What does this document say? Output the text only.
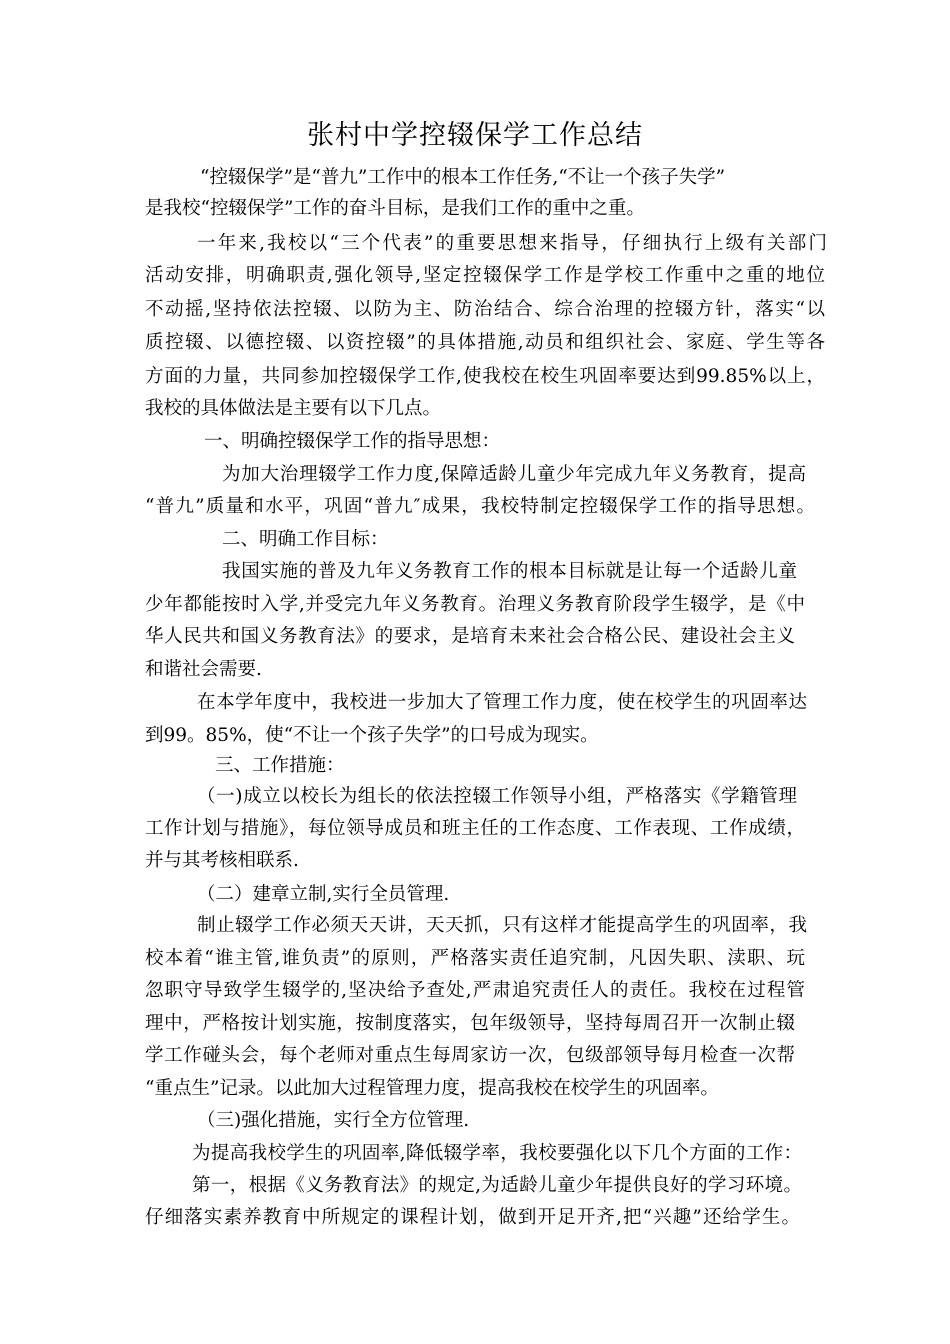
张村中学控辍保学工作总结
“控辍保学”是“普九”工作中的根本工作任务,“不让一个孩子失学”
是我校“控辍保学”工作的奋斗目标，是我们工作的重中之重。
一年来,我校以“三个代表”的重要思想来指导，仔细执行上级有关部门
活动安排，明确职责,强化领导,坚定控辍保学工作是学校工作重中之重的地位
不动摇,坚持依法控辍、以防为主、防治结合、综合治理的控辍方针，落实“以
质控辍、以德控辍、以资控辍”的具体措施,动员和组织社会、家庭、学生等各
方面的力量，共同参加控辍保学工作,使我校在校生巩固率要达到99.85%以上，
我校的具体做法是主要有以下几点。
一、明确控辍保学工作的指导思想：
为加大治理辍学工作力度,保障适龄儿童少年完成九年义务教育，提高
“普九”质量和水平，巩固“普九″成果，我校特制定控辍保学工作的指导思想。
二、明确工作目标：
我国实施的普及九年义务教育工作的根本目标就是让每一个适龄儿童
少年都能按时入学,并受完九年义务教育。治理义务教育阶段学生辍学，是《中
华人民共和国义务教育法》的要求，是培育未来社会合格公民、建设社会主义
和谐社会需要.
在本学年度中，我校进一步加大了管理工作力度，使在校学生的巩固率达
到99。85%，使“不让一个孩子失学”的口号成为现实。
三、工作措施：
（一)成立以校长为组长的依法控辍工作领导小组，严格落实《学籍管理
工作计划与措施》，每位领导成员和班主任的工作态度、工作表现、工作成绩，
并与其考核相联系.
（二）建章立制,实行全员管理.
制止辍学工作必须天天讲，天天抓，只有这样才能提高学生的巩固率，我
校本着“谁主管,谁负责”的原则，严格落实责任追究制，凡因失职、渎职、玩
忽职守导致学生辍学的,坚决给予查处,严肃追究责任人的责任。我校在过程管
理中，严格按计划实施，按制度落实，包年级领导，坚持每周召开一次制止辍
学工作碰头会，每个老师对重点生每周家访一次，包级部领导每月检查一次帮
“重点生”记录。以此加大过程管理力度，提高我校在校学生的巩固率。
（三)强化措施，实行全方位管理.
为提高我校学生的巩固率,降低辍学率，我校要强化以下几个方面的工作：
第一，根据《义务教育法》的规定,为适龄儿童少年提供良好的学习环境。
仔细落实素养教育中所规定的课程计划，做到开足开齐,把“兴趣”还给学生。
